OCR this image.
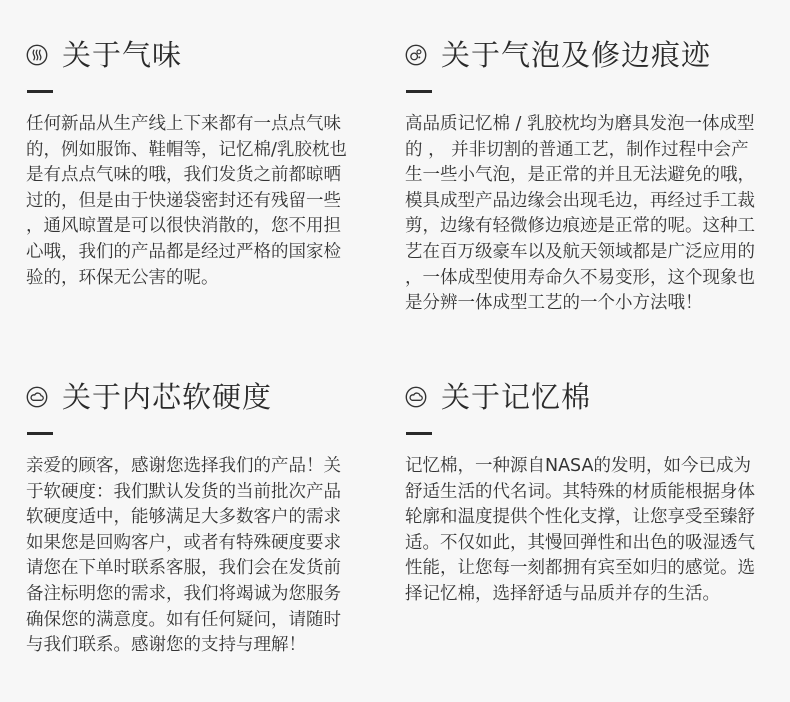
关于气味
任何新品从生产线上下来都有一点点气味
的，例如服饰、鞋帽等，记忆棉/乳胶枕也
是有点点气味的哦，我们发货之前都晾晒
过的，但是由于快递袋密封还有残留一些
，通风晾置是可以很快消散的，您不用担
心哦，我们的产品都是经过严格的国家检
验的，环保无公害的呢。
关于气泡及修边痕迹
高品质记忆棉 / 乳胶枕均为磨具发泡一体成型
的 ， 并非切割的普通工艺，制作过程中会产
生一些小气泡，是正常的并且无法避免的哦，
模具成型产品边缘会出现毛边，再经过手工裁
剪，边缘有轻微修边痕迹是正常的呢。这种工
艺在百万级豪车以及航天领域都是广泛应用的
，一体成型使用寿命久不易变形，这个现象也
是分辨一体成型工艺的一个小方法哦！
关于内芯软硬度
亲爱的顾客，感谢您选择我们的产品！关
于软硬度：我们默认发货的当前批次产品
软硬度适中，能够满足大多数客户的需求
如果您是回购客户，或者有特殊硬度要求
请您在下单时联系客服，我们会在发货前
备注标明您的需求，我们将竭诚为您服务
确保您的满意度。如有任何疑问，请随时
与我们联系。感谢您的支持与理解！
关于记忆棉
记忆棉，一种源自NASA的发明，如今已成为
舒适生活的代名词。其特殊的材质能根据身体
轮廓和温度提供个性化支撑，让您享受至臻舒
适。不仅如此，其慢回弹性和出色的吸湿透气
性能，让您每一刻都拥有宾至如归的感觉。选
择记忆棉，选择舒适与品质并存的生活。
